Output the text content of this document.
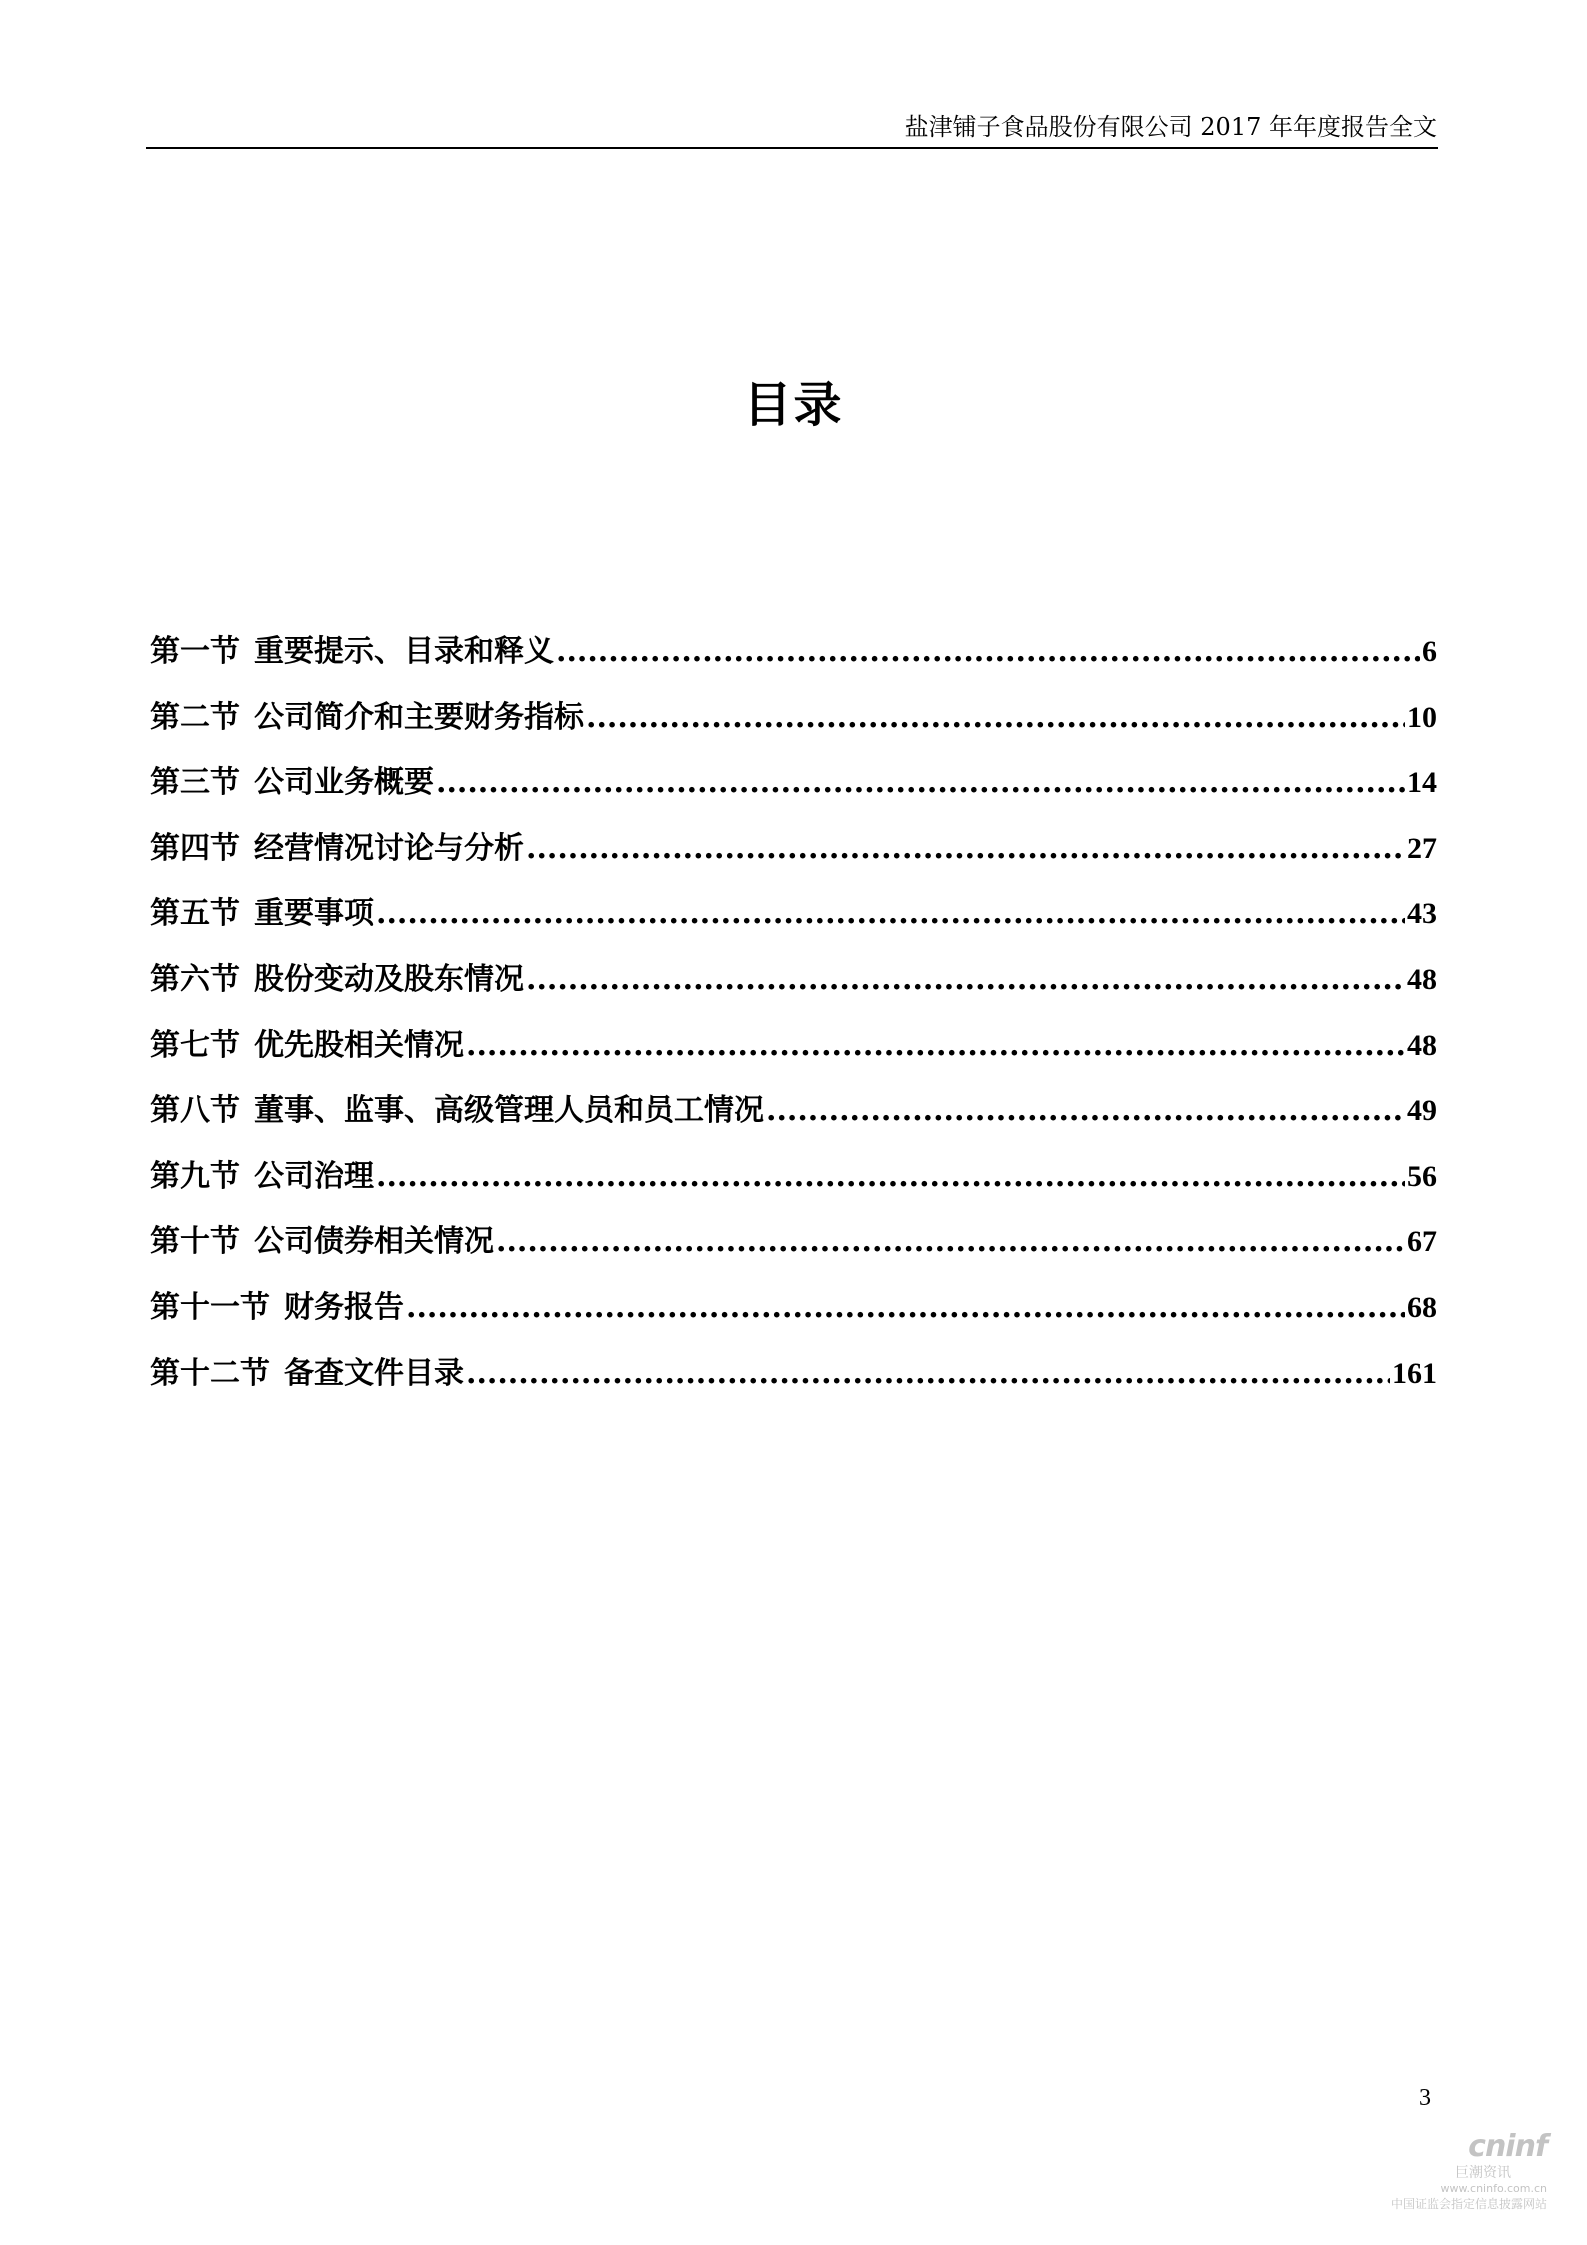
盐津铺子食品股份有限公司 2017 年年度报告全文
目录
第一节 重要提示、目录和释义 .....	6
第二节 公司简介和主要财务指标 .....	10
第三节 公司业务概要 .....	14
第四节 经营情况讨论与分析 .....	27
第五节 重要事项 .....	43
第六节 股份变动及股东情况 .....	48
第七节 优先股相关情况 .....	48
第八节 董事、监事、高级管理人员和员工情况 .....	49
第九节 公司治理 .....	56
第十节 公司债券相关情况 .....	67
第十一节 财务报告 .....	68
第十二节 备查文件目录 .....	161
3
cninf
巨潮资讯
www.cninfo.com.cn
中国证监会指定信息披露网站
